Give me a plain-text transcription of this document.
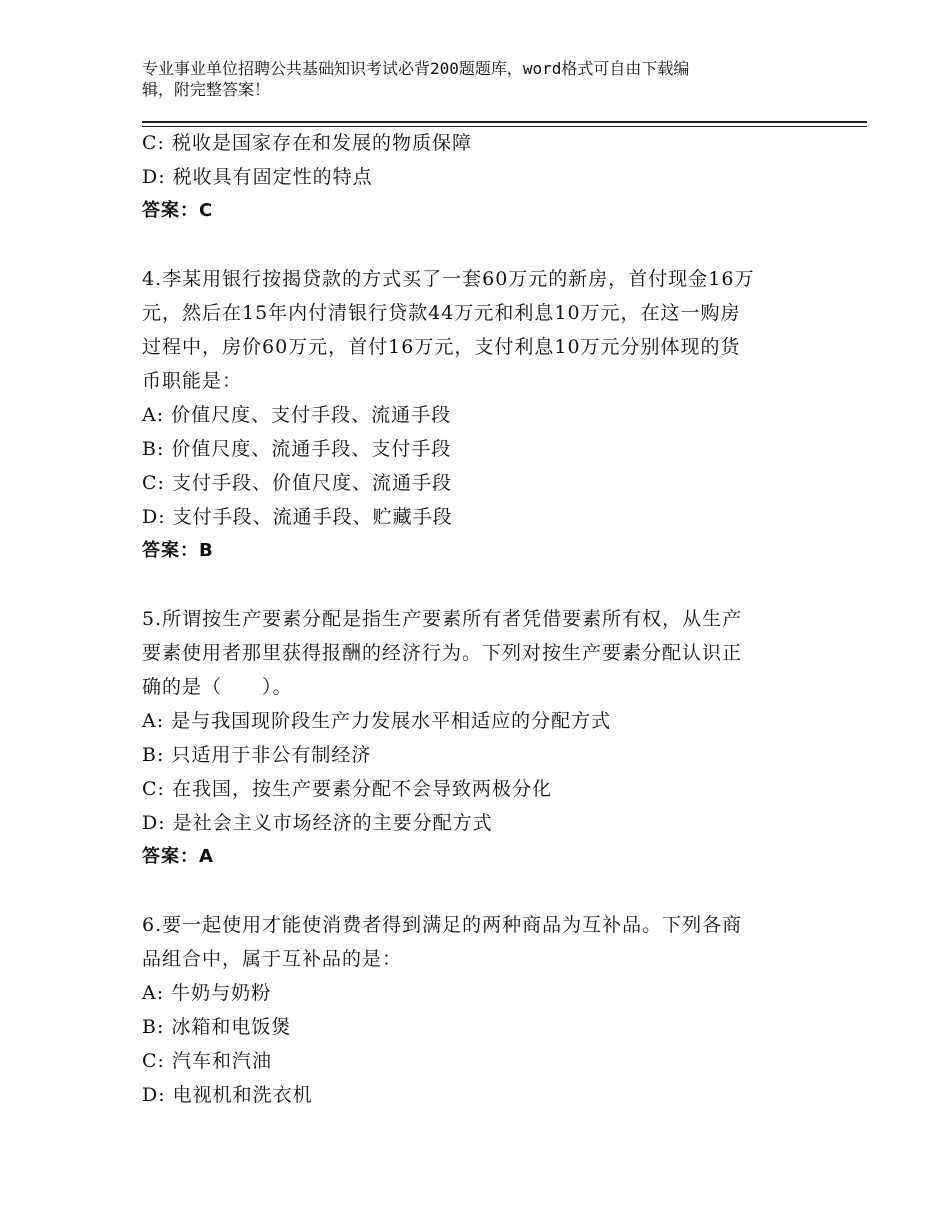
专业事业单位招聘公共基础知识考试必背200题题库，word格式可自由下载编
辑，附完整答案！
C: 税收是国家存在和发展的物质保障
D: 税收具有固定性的特点
答案：C
4.李某用银行按揭贷款的方式买了一套60万元的新房，首付现金16万
元，然后在15年内付清银行贷款44万元和利息10万元，在这一购房
过程中，房价60万元，首付16万元，支付利息10万元分别体现的货
币职能是：
A: 价值尺度、支付手段、流通手段
B: 价值尺度、流通手段、支付手段
C: 支付手段、价值尺度、流通手段
D: 支付手段、流通手段、贮藏手段
答案：B
5.所谓按生产要素分配是指生产要素所有者凭借要素所有权，从生产
要素使用者那里获得报酬的经济行为。下列对按生产要素分配认识正
确的是（　　）。
A: 是与我国现阶段生产力发展水平相适应的分配方式
B: 只适用于非公有制经济
C: 在我国，按生产要素分配不会导致两极分化
D: 是社会主义市场经济的主要分配方式
答案：A
6.要一起使用才能使消费者得到满足的两种商品为互补品。下列各商
品组合中，属于互补品的是：
A: 牛奶与奶粉
B: 冰箱和电饭煲
C: 汽车和汽油
D: 电视机和洗衣机
